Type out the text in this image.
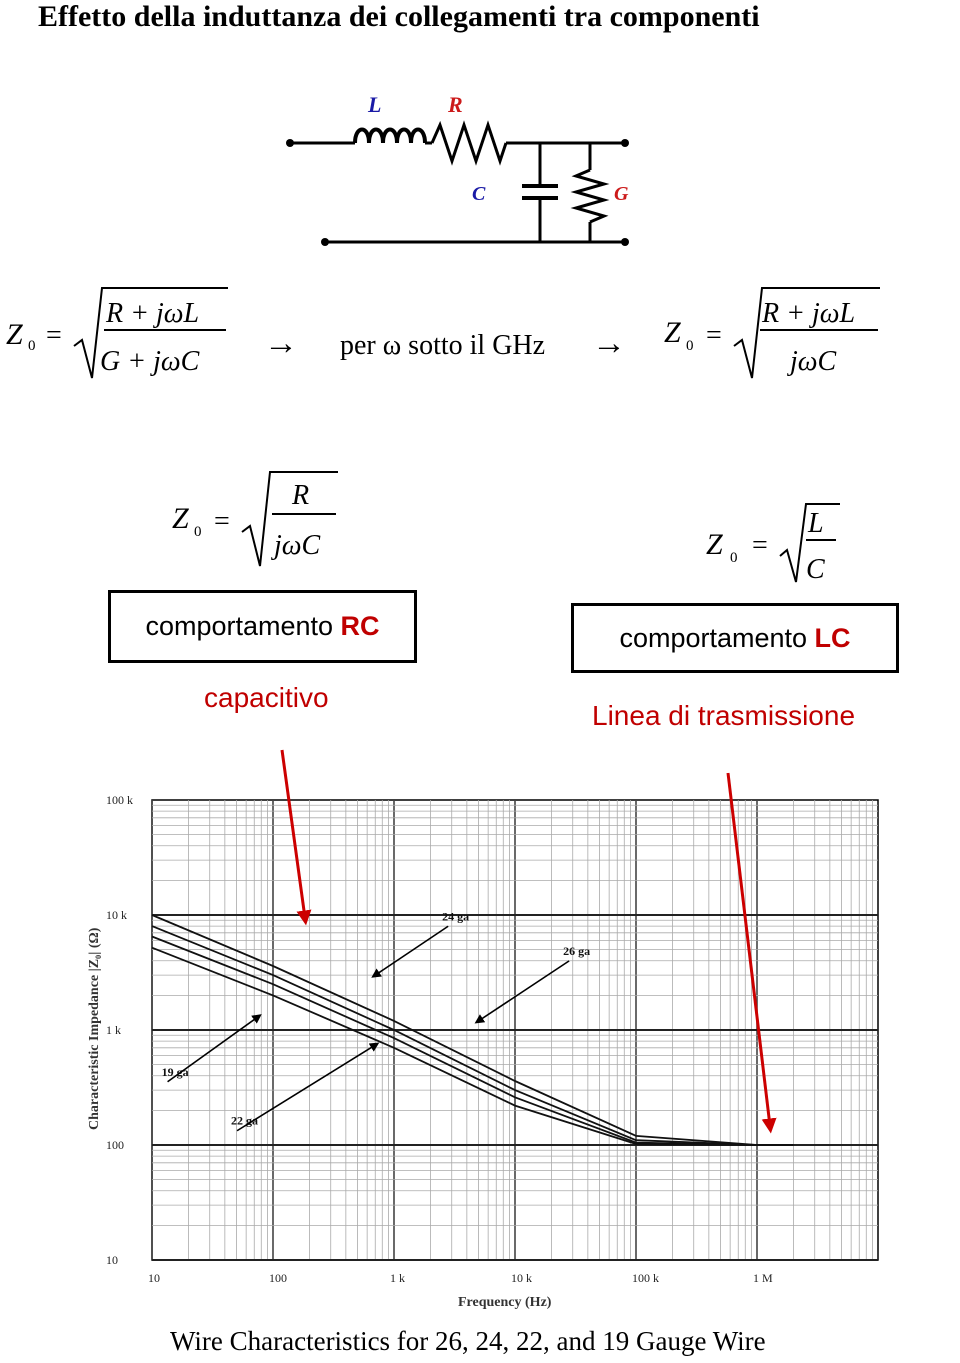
Effetto della induttanza dei collegamenti tra componenti
L	R
C	G
Z 0 =
R + jωL
G + jωC → per ω sotto il GHz → Z 0 =
R + jωL
jωC
Z 0 =
R
jωC	Z 0 =
L
C
comportamento
RC	comportamento
LC
capacitivo
Linea di trasmissione
24 ga
26 ga
19 ga
22 ga
10	100	1 k	10 k	100 k	1 M
100 k
10 k
1 k
100
10
Frequency (Hz)
Characteristic Impedance |Z₀| (Ω)
Wire Characteristics for 26, 24, 22, and 19 Gauge Wire
